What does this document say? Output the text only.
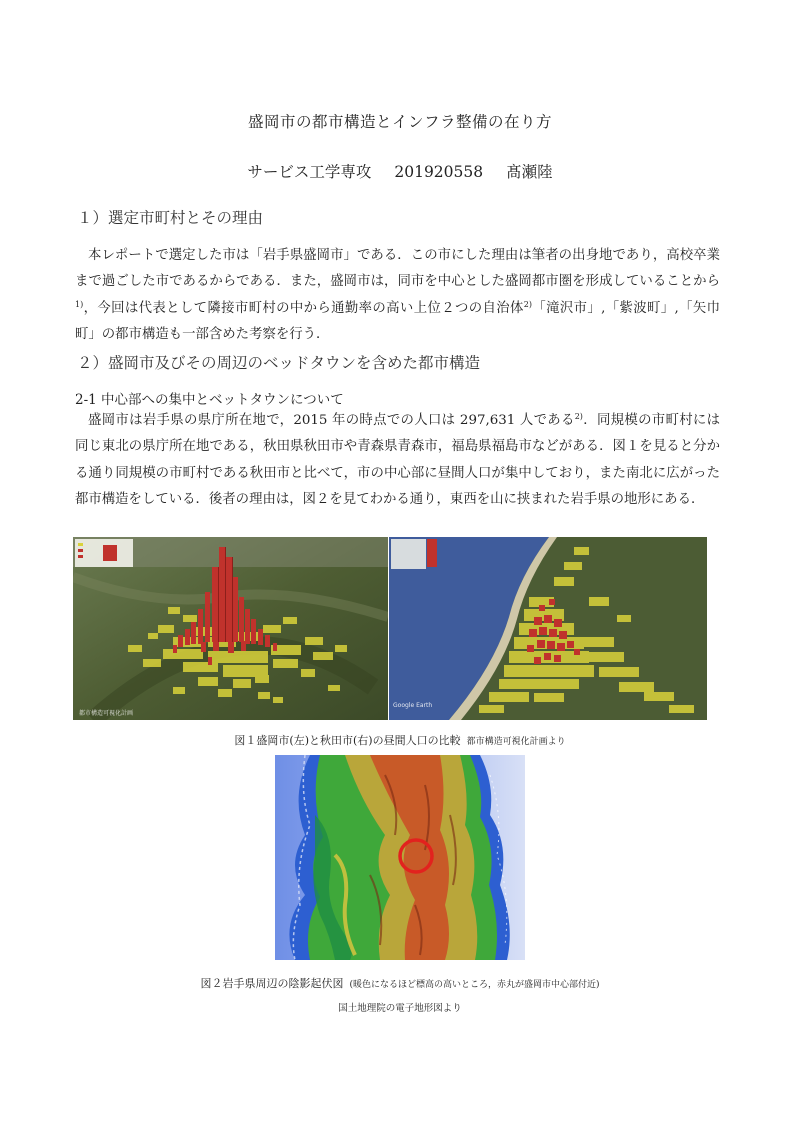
盛岡市の都市構造とインフラ整備の在り方
サービス工学専攻 201920558 髙瀬陸
１）選定市町村とその理由
本レポートで選定した市は「岩手県盛岡市」である．この市にした理由は筆者の出身地であり，高校卒業まで過ごした市であるからである．また，盛岡市は，同市を中心とした盛岡都市圏を形成していることから$^{1)}$，今回は代表として隣接市町村の中から通勤率の高い上位２つの自治体$^{2)}$「滝沢市」,「紫波町」,「矢巾町」の都市構造も一部含めた考察を行う．
２）盛岡市及びその周辺のベッドタウンを含めた都市構造
2-1 中心部への集中とベットタウンについて
盛岡市は岩手県の県庁所在地で，2015 年の時点での人口は 297,631 人である$^{2)}$．同規模の市町村には同じ東北の県庁所在地である，秋田県秋田市や青森県青森市，福島県福島市などがある．図１を見ると分かる通り同規模の市町村である秋田市と比べて，市の中心部に昼間人口が集中しており，また南北に広がった都市構造をしている．後者の理由は，図２を見てわかる通り，東西を山に挟まれた岩手県の地形にある．
都市構造可視化計画
Google Earth
図１盛岡市(左)と秋田市(右)の昼間人口の比較 都市構造可視化計画より
図２岩手県周辺の陰影起伏図 (暖色になるほど標高の高いところ，赤丸が盛岡市中心部付近)
国土地理院の電子地形図より
